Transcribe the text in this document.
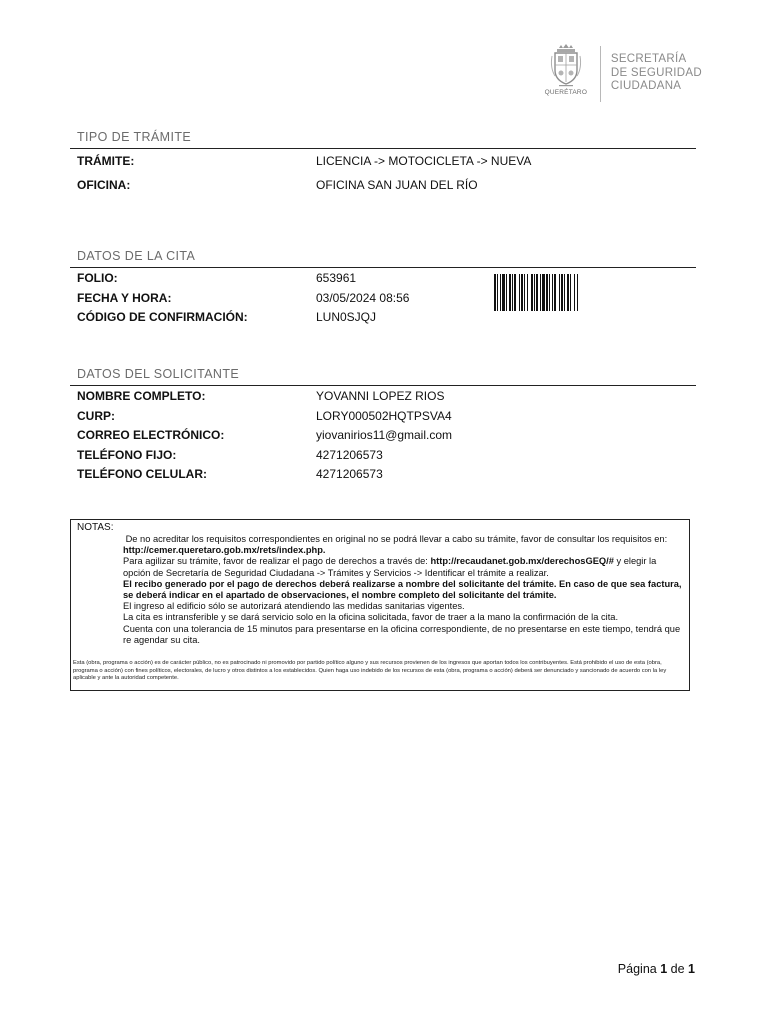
QUERÉTARO
SECRETARÍA
DE SEGURIDAD
CIUDADANA
TIPO DE TRÁMITE
TRÁMITE:	LICENCIA -> MOTOCICLETA -> NUEVA
OFICINA:	OFICINA SAN JUAN DEL RÍO
DATOS DE LA CITA
FOLIO:	653961
FECHA Y HORA:	03/05/2024 08:56
CÓDIGO DE CONFIRMACIÓN:	LUN0SJQJ
DATOS DEL SOLICITANTE
NOMBRE COMPLETO:	YOVANNI LOPEZ RIOS
CURP:	LORY000502HQTPSVA4
CORREO ELECTRÓNICO:	yiovanirios11@gmail.com
TELÉFONO FIJO:	4271206573
TELÉFONO CELULAR:	4271206573
NOTAS:

De no acreditar los requisitos correspondientes en original no se podrá llevar a cabo su trámite, favor de consultar los requisitos en: http://cemer.queretaro.gob.mx/rets/index.php.

Para agilizar su trámite, favor de realizar el pago de derechos a través de: http://recaudanet.gob.mx/derechosGEQ/# y elegir la opción de Secretaría de Seguridad Ciudadana -> Trámites y Servicios -> Identificar el trámite a realizar.

El recibo generado por el pago de derechos deberá realizarse a nombre del solicitante del trámite. En caso de que sea factura, se deberá indicar en el apartado de observaciones, el nombre completo del solicitante del trámite.

El ingreso al edificio sólo se autorizará atendiendo las medidas sanitarias vigentes.

La cita es intransferible y se dará servicio solo en la oficina solicitada, favor de traer a la mano la confirmación de la cita.

Cuenta con una tolerancia de 15 minutos para presentarse en la oficina correspondiente, de no presentarse en este tiempo, tendrá que re agendar su cita.

Esta (obra, programa o acción) es de carácter público, no es patrocinado ni promovido por partido político alguno y sus recursos provienen de los ingresos que aportan todos los contribuyentes. Está prohibido el uso de esta (obra, programa o acción) con fines políticos, electorales, de lucro y otros distintos a los establecidos. Quien haga uso indebido de los recursos de esta (obra, programa o acción) deberá ser denunciado y sancionado de acuerdo con la ley aplicable y ante la autoridad competente.
Página 1 de 1
